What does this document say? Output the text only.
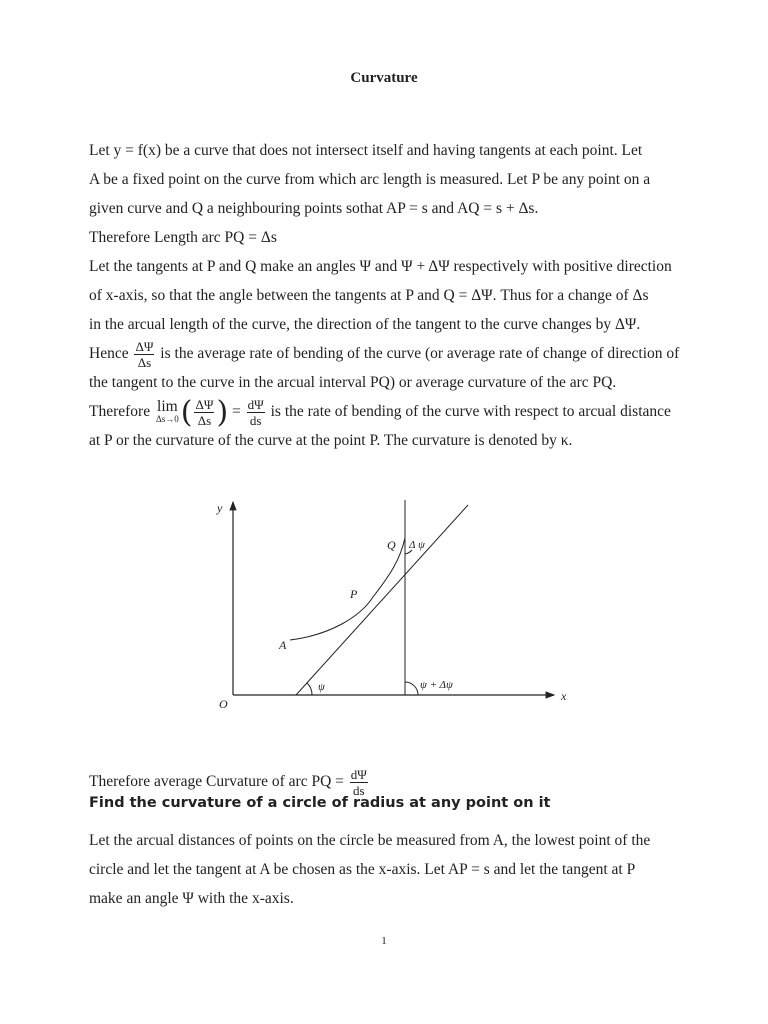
Curvature
Let y = f(x) be a curve that does not intersect itself and having tangents at each point. Let
A be a fixed point on the curve from which arc length is measured. Let P be any point on a
given curve and Q a neighbouring points sothat AP = s and AQ = s + Δs.
Therefore Length arc PQ = Δs
Let the tangents at P and Q make an angles Ψ and Ψ + ΔΨ respectively with positive direction
of x-axis, so that the angle between the tangents at P and Q = ΔΨ. Thus for a change of Δs
in the arcual length of the curve, the direction of the tangent to the curve changes by ΔΨ.
Hence $\frac{\Delta\Psi}{\Delta s}$ is the average rate of bending of the curve (or average rate of change of direction of
the tangent to the curve in the arcual interval PQ) or average curvature of the arc PQ.
Therefore lim
Δs→0 ( $\frac{\Delta\Psi}{\Delta s}$ ) = $\frac{d\Psi}{ds}$ is the rate of bending of the curve with respect to arcual distance
at P or the curvature of the curve at the point P. The curvature is denoted by κ.
y
x
O
A
P
Q Δ ψ
ψ	ψ + Δψ
Therefore average Curvature of arc PQ = $\frac{d\Psi}{ds}$
Find the curvature of a circle of radius at any point on it
Let the arcual distances of points on the circle be measured from A, the lowest point of the
circle and let the tangent at A be chosen as the x-axis. Let AP = s and let the tangent at P
make an angle Ψ with the x-axis.
1
